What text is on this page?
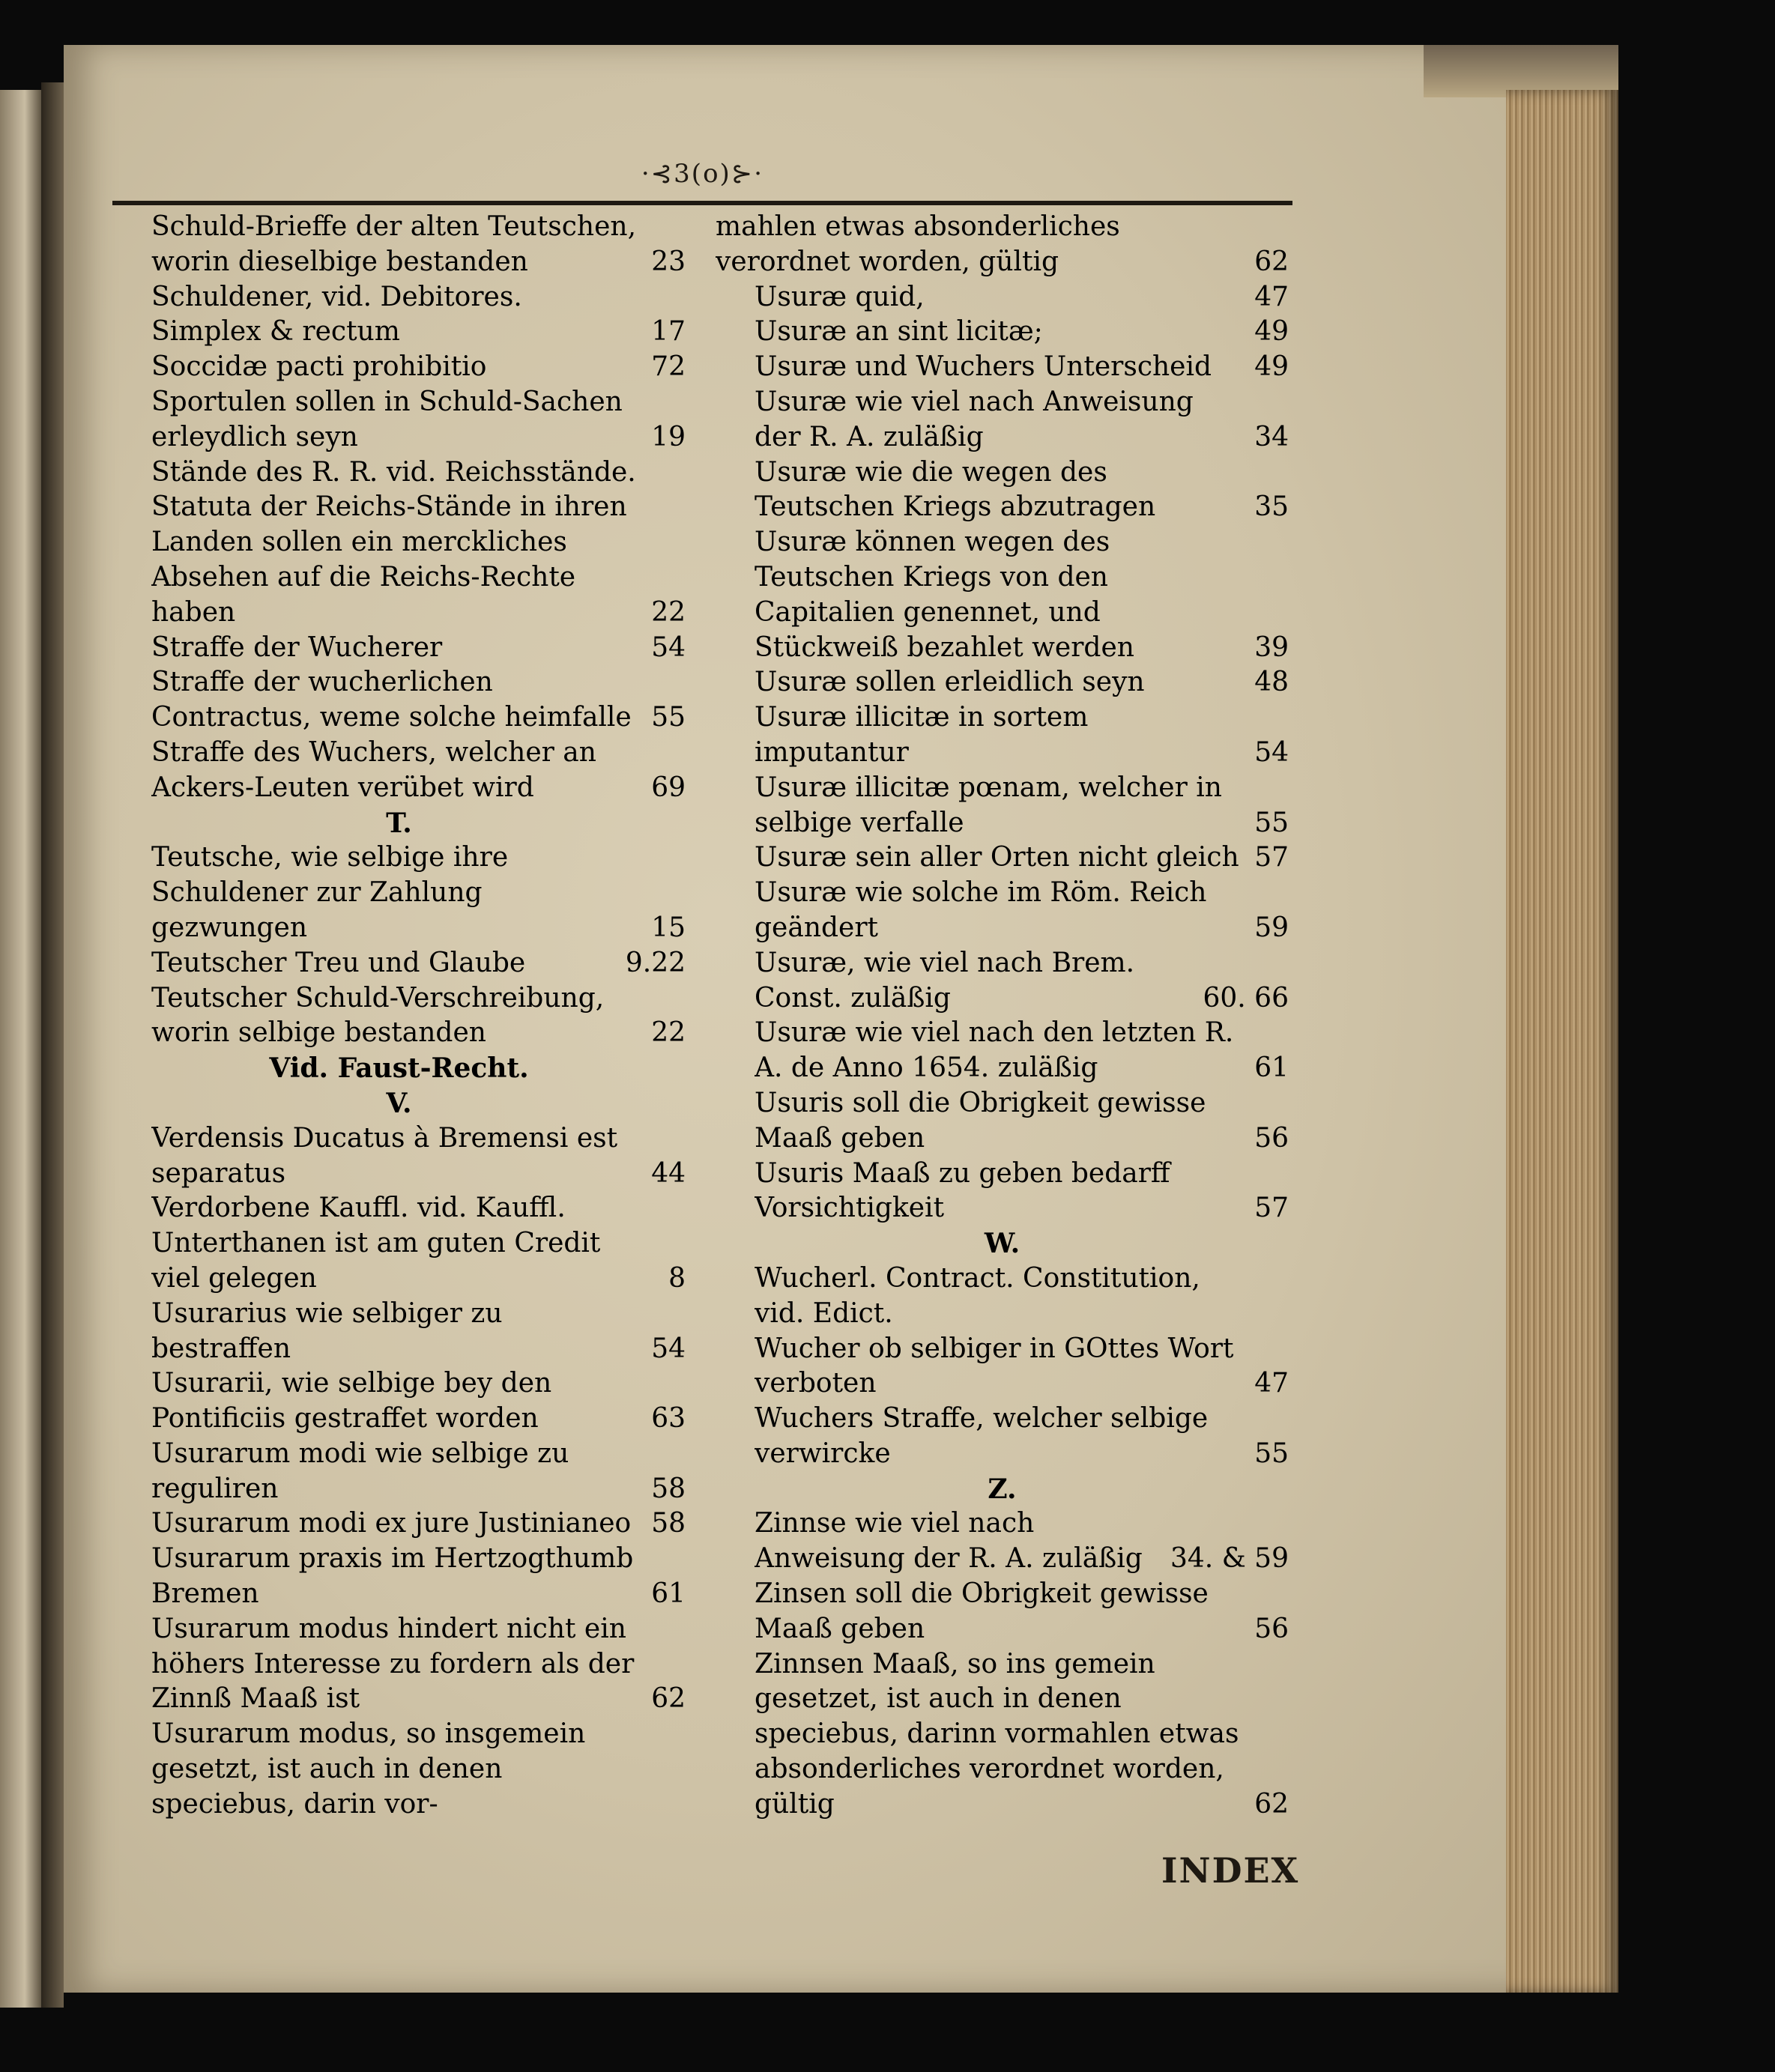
·⊰3(o)⊱·
Schuld-Brieffe der alten Teutschen, worin dieselbige bestanden	23
Schuldener, vid. Debitores.
Simplex & rectum	17
Soccidæ pacti prohibitio	72
Sportulen sollen in Schuld-Sachen erleydlich seyn	19
Stände des R. R. vid. Reichsstände.
Statuta der Reichs-Stände in ihren Landen sollen ein merckliches Absehen auf die Reichs-Rechte haben	22
Straffe der Wucherer	54
Straffe der wucherlichen Contractus, weme solche heimfalle 55
Straffe des Wuchers, welcher an Ackers-Leuten verübet wird	69
T.
Teutsche, wie selbige ihre Schuldener zur Zahlung gezwungen	15
Teutscher Treu und Glaube	9.22
Teutscher Schuld-Verschreibung, worin selbige bestanden	22
Vid. Faust-Recht.
V.
Verdensis Ducatus à Bremensi est separatus	44
Verdorbene Kauffl. vid. Kauffl.
Unterthanen ist am guten Credit viel gelegen	8
Usurarius wie selbiger zu bestraffen	54
Usurarii, wie selbige bey den Pontificiis gestraffet worden	63
Usurarum modi wie selbige zu reguliren	58
Usurarum modi ex jure Justinianeo 58
Usurarum praxis im Hertzogthumb Bremen	61
Usurarum modus hindert nicht ein höhers Interesse zu fordern als der Zinnß Maaß ist	62
Usurarum modus, so insgemein gesetzt, ist auch in denen speciebus, darin vor-
mahlen etwas absonderliches verordnet worden, gültig	62
Usuræ quid,	47
Usuræ an sint licitæ;	49
Usuræ und Wuchers Unterscheid	49
Usuræ wie viel nach Anweisung der R. A. zuläßig	34
Usuræ wie die wegen des Teutschen Kriegs abzutragen	35
Usuræ können wegen des Teutschen Kriegs von den Capitalien genennet, und Stückweiß bezahlet werden	39
Usuræ sollen erleidlich seyn	48
Usuræ illicitæ in sortem imputantur	54
Usuræ illicitæ pœnam, welcher in selbige verfalle	55
Usuræ sein aller Orten nicht gleich 57
Usuræ wie solche im Röm. Reich geändert	59
Usuræ, wie viel nach Brem. Const. zuläßig	60. 66
Usuræ wie viel nach den letzten R. A. de Anno 1654. zuläßig	61
Usuris soll die Obrigkeit gewisse Maaß geben	56
Usuris Maaß zu geben bedarff Vorsichtigkeit	57
W.
Wucherl. Contract. Constitution, vid. Edict.
Wucher ob selbiger in GOttes Wort verboten	47
Wuchers Straffe, welcher selbige verwircke	55
Z.
Zinnse wie viel nach Anweisung der R. A. zuläßig	34. & 59
Zinsen soll die Obrigkeit gewisse Maaß geben	56
Zinnsen Maaß, so ins gemein gesetzet, ist auch in denen speciebus, darinn vormahlen etwas absonderliches verordnet worden, gültig	62
INDEX
